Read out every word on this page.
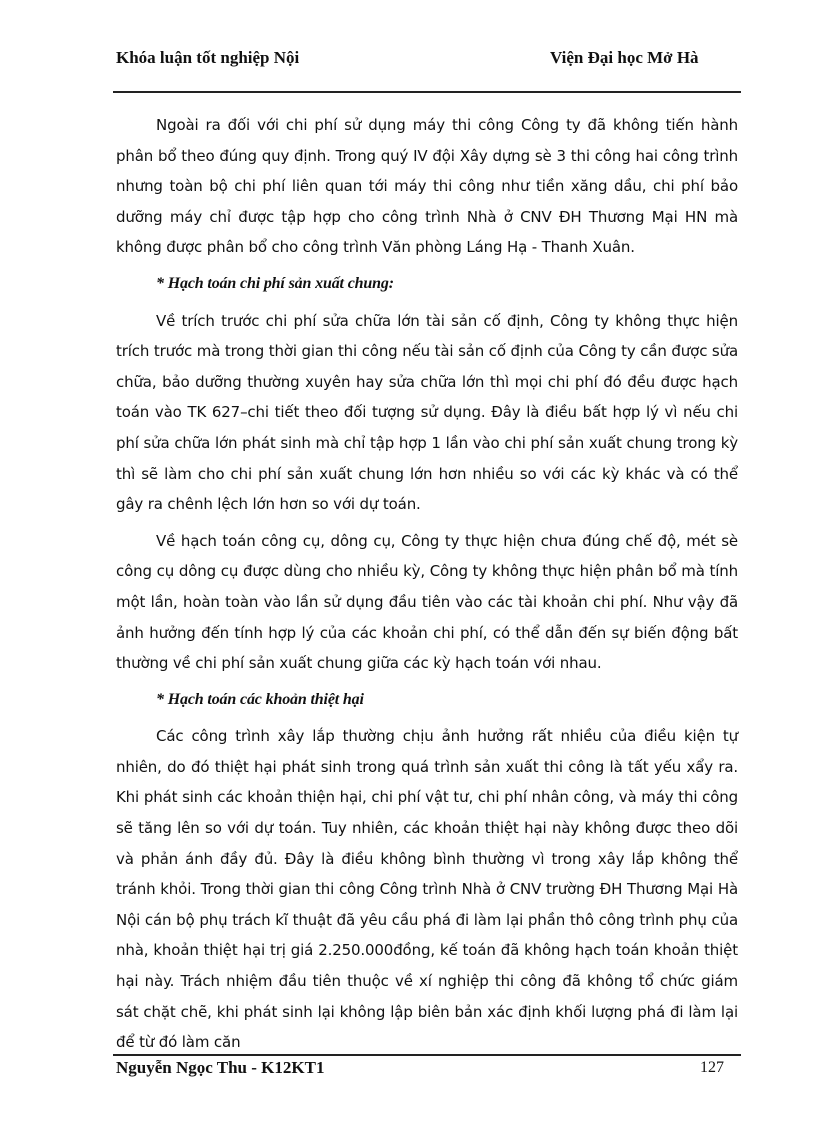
Khóa luận tốt nghiệp Nội	Viện Đại học Mở Hà

Ngoài ra đối với chi phí sử dụng máy thi công Công ty đã không tiến hành phân bổ theo đúng quy định. Trong quý IV đội Xây dựng sè 3 thi công hai công trình nhưng toàn bộ chi phí liên quan tới máy thi công như tiền xăng dầu, chi phí bảo dưỡng máy chỉ được tập hợp cho công trình Nhà ở CNV ĐH Thương Mại HN mà không được phân bổ cho công trình Văn phòng Láng Hạ - Thanh Xuân.

* Hạch toán chi phí sản xuất chung:

Về trích trước chi phí sửa chữa lớn tài sản cố định, Công ty không thực hiện trích trước mà trong thời gian thi công nếu tài sản cố định của Công ty cần được sửa chữa, bảo dưỡng thường xuyên hay sửa chữa lớn thì mọi chi phí đó đều được hạch toán vào TK 627–chi tiết theo đối tượng sử dụng. Đây là điều bất hợp lý vì nếu chi phí sửa chữa lớn phát sinh mà chỉ tập hợp 1 lần vào chi phí sản xuất chung trong kỳ thì sẽ làm cho chi phí sản xuất chung lớn hơn nhiều so với các kỳ khác và có thể gây ra chênh lệch lớn hơn so với dự toán.

Về hạch toán công cụ, dông cụ, Công ty thực hiện chưa đúng chế độ, mét sè công cụ dông cụ được dùng cho nhiều kỳ, Công ty không thực hiện phân bổ mà tính một lần, hoàn toàn vào lần sử dụng đầu tiên vào các tài khoản chi phí. Như vậy đã ảnh hưởng đến tính hợp lý của các khoản chi phí, có thể dẫn đến sự biến động bất thường về chi phí sản xuất chung giữa các kỳ hạch toán với nhau.

* Hạch toán các khoản thiệt hại

Các công trình xây lắp thường chịu ảnh hưởng rất nhiều của điều kiện tự nhiên, do đó thiệt hại phát sinh trong quá trình sản xuất thi công là tất yếu xẩy ra. Khi phát sinh các khoản thiện hại, chi phí vật tư, chi phí nhân công, và máy thi công sẽ tăng lên so với dự toán. Tuy nhiên, các khoản thiệt hại này không được theo dõi và phản ánh đầy đủ. Đây là điều không bình thường vì trong xây lắp không thể tránh khỏi. Trong thời gian thi công Công trình Nhà ở CNV trường ĐH Thương Mại Hà Nội cán bộ phụ trách kĩ thuật đã yêu cầu phá đi làm lại phần thô công trình phụ của nhà, khoản thiệt hại trị giá 2.250.000đồng, kế toán đã không hạch toán khoản thiệt hại này. Trách nhiệm đầu tiên thuộc về xí nghiệp thi công đã không tổ chức giám sát chặt chẽ, khi phát sinh lại không lập biên bản xác định khối lượng phá đi làm lại để từ đó làm căn

Nguyễn Ngọc Thu - K12KT1	127
